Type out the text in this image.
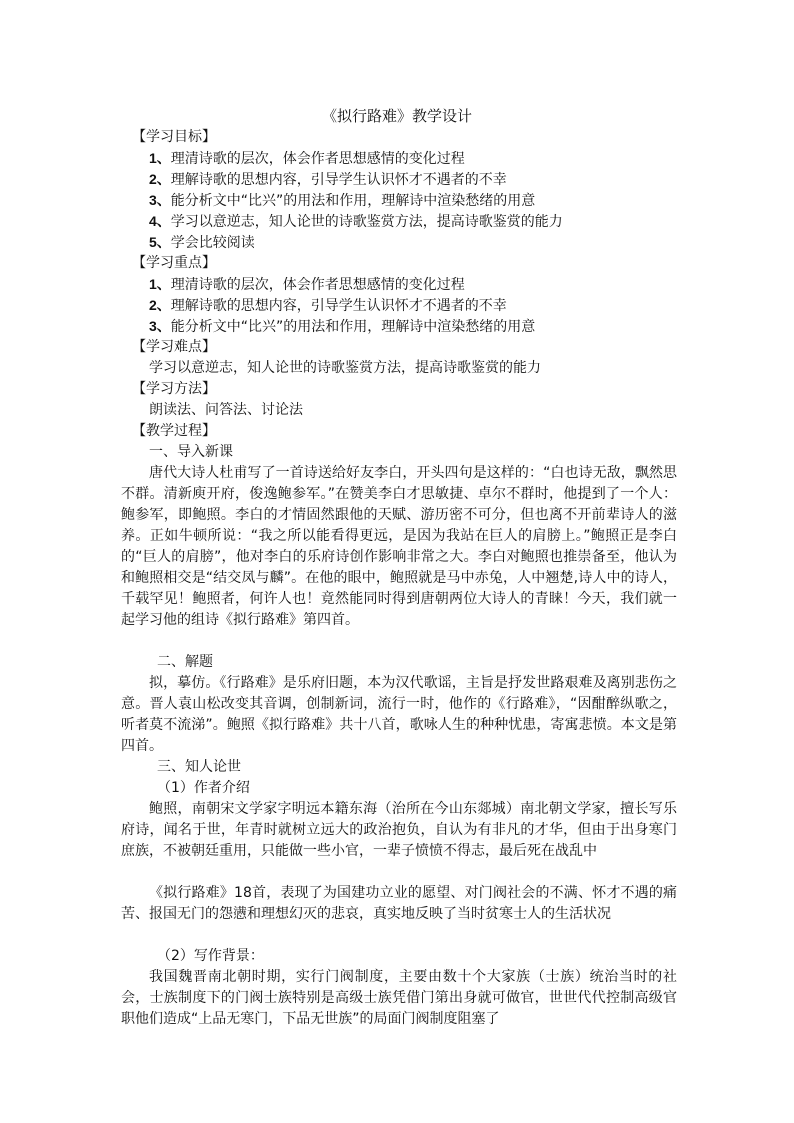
《拟行路难》教学设计
【学习目标】
1、理清诗歌的层次，体会作者思想感情的变化过程
2、理解诗歌的思想内容，引导学生认识怀才不遇者的不幸
3、能分析文中“比兴”的用法和作用，理解诗中渲染愁绪的用意
4、学习以意逆志，知人论世的诗歌鉴赏方法，提高诗歌鉴赏的能力
5、学会比较阅读
【学习重点】
1、理清诗歌的层次，体会作者思想感情的变化过程
2、理解诗歌的思想内容，引导学生认识怀才不遇者的不幸
3、能分析文中“比兴”的用法和作用，理解诗中渲染愁绪的用意
【学习难点】
学习以意逆志，知人论世的诗歌鉴赏方法，提高诗歌鉴赏的能力
【学习方法】
朗读法、问答法、讨论法
【教学过程】
一、导入新课

唐代大诗人杜甫写了一首诗送给好友李白，开头四句是这样的：“白也诗无敌，飘然思不群。清新庾开府，俊逸鲍参军。”在赞美李白才思敏捷、卓尔不群时，他提到了一个人：鲍参军，即鲍照。李白的才情固然跟他的天赋、游历密不可分，但也离不开前辈诗人的滋养。正如牛顿所说：“我之所以能看得更远，是因为我站在巨人的肩膀上。”鲍照正是李白的“巨人的肩膀”，他对李白的乐府诗创作影响非常之大。李白对鲍照也推崇备至，他认为和鲍照相交是“结交凤与麟”。在他的眼中，鲍照就是马中赤兔，人中翘楚,诗人中的诗人，千载罕见！鲍照者，何许人也！竟然能同时得到唐朝两位大诗人的青睐！今天，我们就一起学习他的组诗《拟行路难》第四首。

二、解题

拟，摹仿。《行路难》是乐府旧题，本为汉代歌谣，主旨是抒发世路艰难及离别悲伤之意。晋人袁山松改变其音调，创制新词，流行一时，他作的《行路难》，“因酣醉纵歌之，听者莫不流涕”。鲍照《拟行路难》共十八首，歌咏人生的种种忧患，寄寓悲愤。本文是第四首。

三、知人论世
（1）作者介绍

鲍照，南朝宋文学家字明远本籍东海（治所在今山东郯城）南北朝文学家，擅长写乐府诗，闻名于世，年青时就树立远大的政治抱负，自认为有非凡的才华，但由于出身寒门庶族，不被朝廷重用，只能做一些小官，一辈子愤愤不得志，最后死在战乱中

《拟行路难》18首，表现了为国建功立业的愿望、对门阀社会的不满、怀才不遇的痛苦、报国无门的怨懑和理想幻灭的悲哀，真实地反映了当时贫寒士人的生活状况

（2）写作背景：

我国魏晋南北朝时期，实行门阀制度，主要由数十个大家族（士族）统治当时的社会，士族制度下的门阀士族特别是高级士族凭借门第出身就可做官，世世代代控制高级官职他们造成“上品无寒门，下品无世族”的局面门阀制度阻塞了
